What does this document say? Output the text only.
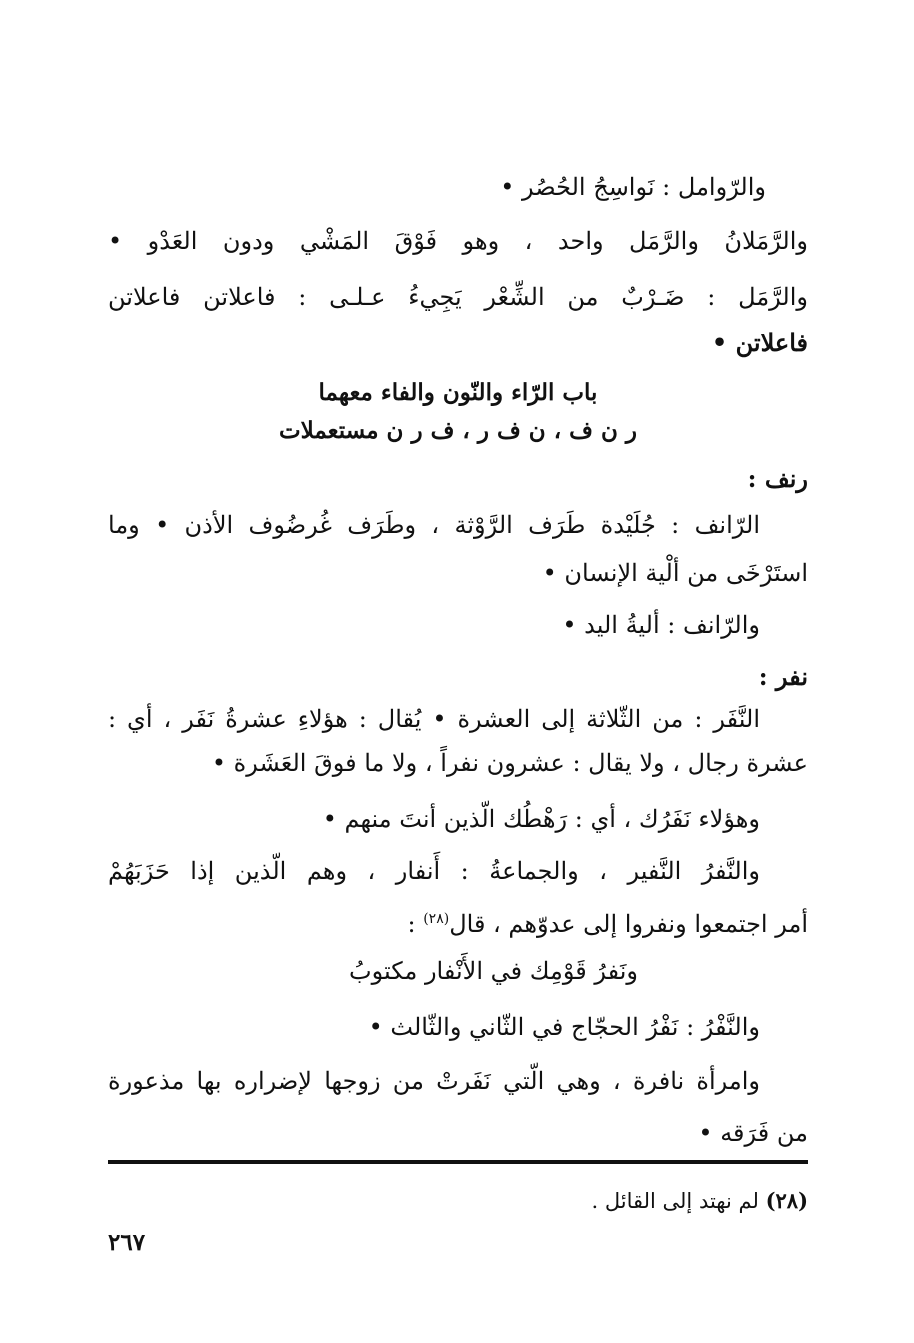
والرّوامل : نَواسِجُ الحُصُر •
والرَّمَلانُ والرَّمَل واحد ، وهو فَوْقَ المَشْي ودون العَدْو •
والرَّمَل : ضَـرْبٌ من الشِّعْر يَجِيءُ عـلـى : فاعلاتن فاعلاتن
فاعلاتن •
باب الرّاء والنّون والفاء معهما
ر ن ف ، ن ف ر ، ف ر ن مستعملات
رنف :
الرّانف : جُلَيْدة طَرَف الرَّوْثة ، وطَرَف غُرضُوف الأذن • وما
استَرْخَى من ألْية الإنسان •
والرّانف : أليةُ اليد •
نفر :
النَّفَر : من الثّلاثة إلى العشرة • يُقال : هؤلاءِ عشرةُ نَفَر ، أي :
عشرة رجال ، ولا يقال : عشرون نفراً ، ولا ما فوقَ العَشَرة •
وهؤلاء نَفَرُك ، أي : رَهْطُك الّذين أنتَ منهم •
والنَّفرُ النَّفير ، والجماعةُ : أَنفار ، وهم الّذين إذا حَزَبَهُمْ
أمر اجتمعوا ونفروا إلى عدوّهم ، قال$^{(٢٨)}$ :
ونَفرُ قَوْمِك في الأَنْفار مكتوبُ
والنَّفْرُ : نَفْرُ الحجّاج في الثّاني والثّالث •
وامرأة نافرة ، وهي الّتي نَفَرتْ من زوجها لإضراره بها مذعورة
من فَرَقه •
(٢٨) لم نهتد إلى القائل .
٢٦٧
